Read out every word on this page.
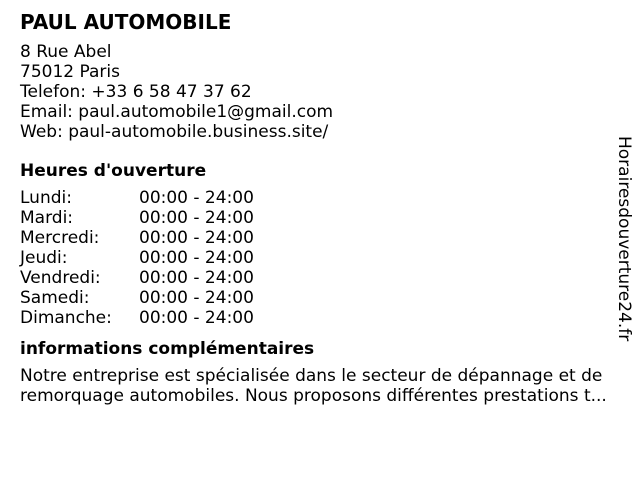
PAUL AUTOMOBILE
8 Rue Abel
75012 Paris
Telefon: +33 6 58 47 37 62
Email: paul.automobile1@gmail.com
Web: paul-automobile.business.site/
Heures d'ouverture
Lundi:	00:00 - 24:00
Mardi:	00:00 - 24:00
Mercredi:	00:00 - 24:00
Jeudi:	00:00 - 24:00
Vendredi:	00:00 - 24:00
Samedi:	00:00 - 24:00
Dimanche:	00:00 - 24:00
informations complémentaires
Notre entreprise est spécialisée dans le secteur de dépannage et de
remorquage automobiles. Nous proposons différentes prestations t...
Horairesdouverture24.fr
